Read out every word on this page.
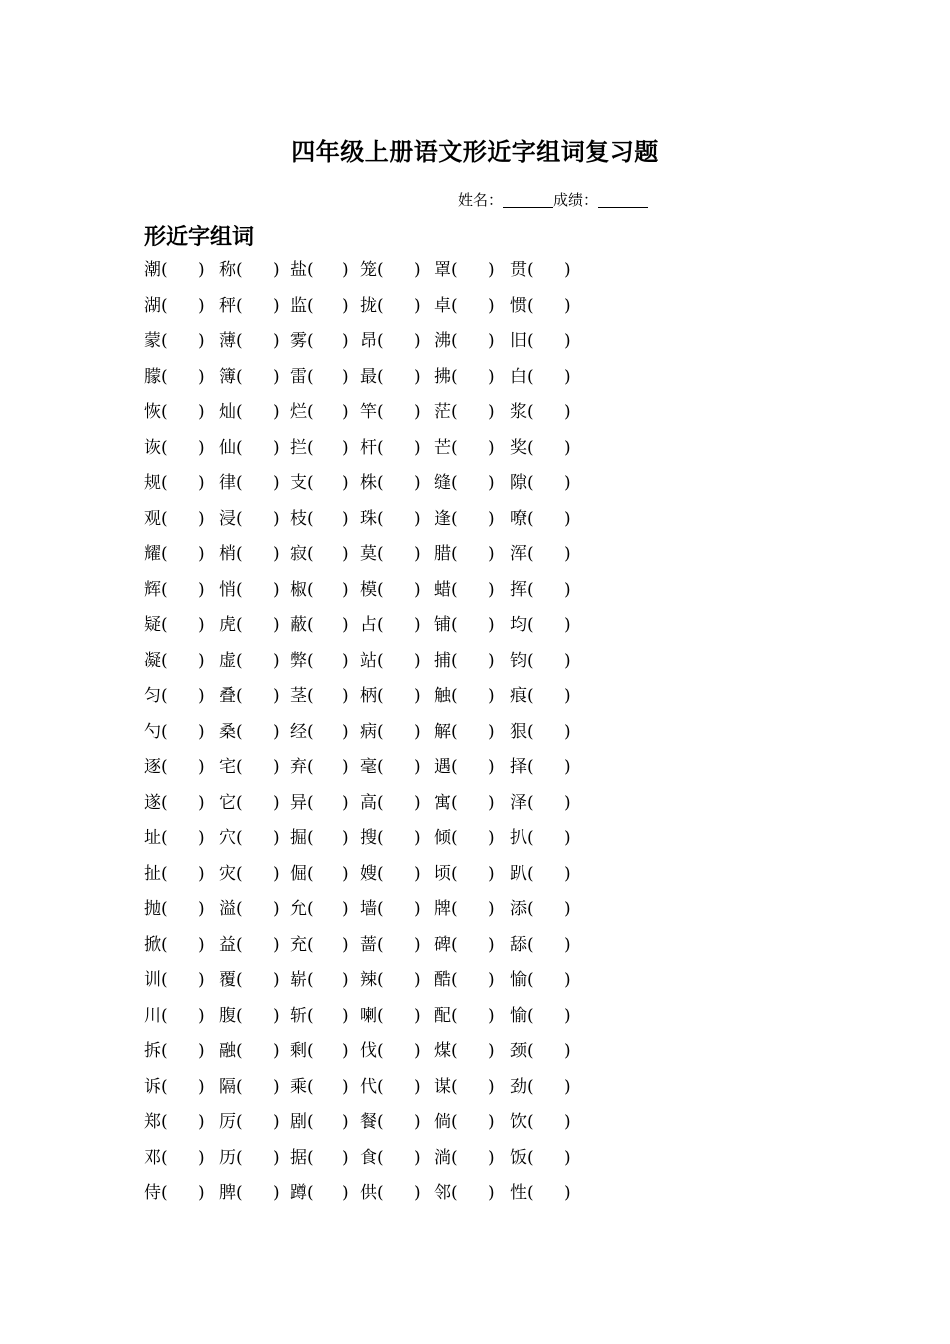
四年级上册语文形近字组词复习题
姓名：	成绩：
形近字组词
潮( ) 称( ) 盐( ) 笼( ) 罩( ) 贯( )
湖( ) 秤( ) 监( ) 拢( ) 卓( ) 惯( )
蒙( ) 薄( ) 雾( ) 昂( ) 沸( ) 旧( )
朦( ) 簿( ) 雷( ) 最( ) 拂( ) 白( )
恢( ) 灿( ) 烂( ) 竿( ) 茫( ) 浆( )
诙( ) 仙( ) 拦( ) 杆( ) 芒( ) 奖( )
规( ) 律( ) 支( ) 株( ) 缝( ) 隙( )
观( ) 浸( ) 枝( ) 珠( ) 逢( ) 嘹( )
耀( ) 梢( ) 寂( ) 莫( ) 腊( ) 浑( )
辉( ) 悄( ) 椒( ) 模( ) 蜡( ) 挥( )
疑( ) 虎( ) 蔽( ) 占( ) 铺( ) 均( )
凝( ) 虚( ) 弊( ) 站( ) 捕( ) 钧( )
匀( ) 叠( ) 茎( ) 柄( ) 触( ) 痕( )
勺( ) 桑( ) 经( ) 病( ) 解( ) 狠( )
逐( ) 宅( ) 弃( ) 毫( ) 遇( ) 择( )
遂( ) 它( ) 异( ) 高( ) 寓( ) 泽( )
址( ) 穴( ) 掘( ) 搜( ) 倾( ) 扒( )
扯( ) 灾( ) 倔( ) 嫂( ) 顷( ) 趴( )
抛( ) 溢( ) 允( ) 墙( ) 牌( ) 添( )
掀( ) 益( ) 充( ) 蔷( ) 碑( ) 舔( )
训( ) 覆( ) 崭( ) 辣( ) 酷( ) 愉( )
川( ) 腹( ) 斩( ) 喇( ) 配( ) 愉( )
拆( ) 融( ) 剩( ) 伐( ) 煤( ) 颈( )
诉( ) 隔( ) 乘( ) 代( ) 谋( ) 劲( )
郑( ) 厉( ) 剧( ) 餐( ) 倘( ) 饮( )
邓( ) 历( ) 据( ) 食( ) 淌( ) 饭( )
侍( ) 脾( ) 蹲( ) 供( ) 邻( ) 性( )
